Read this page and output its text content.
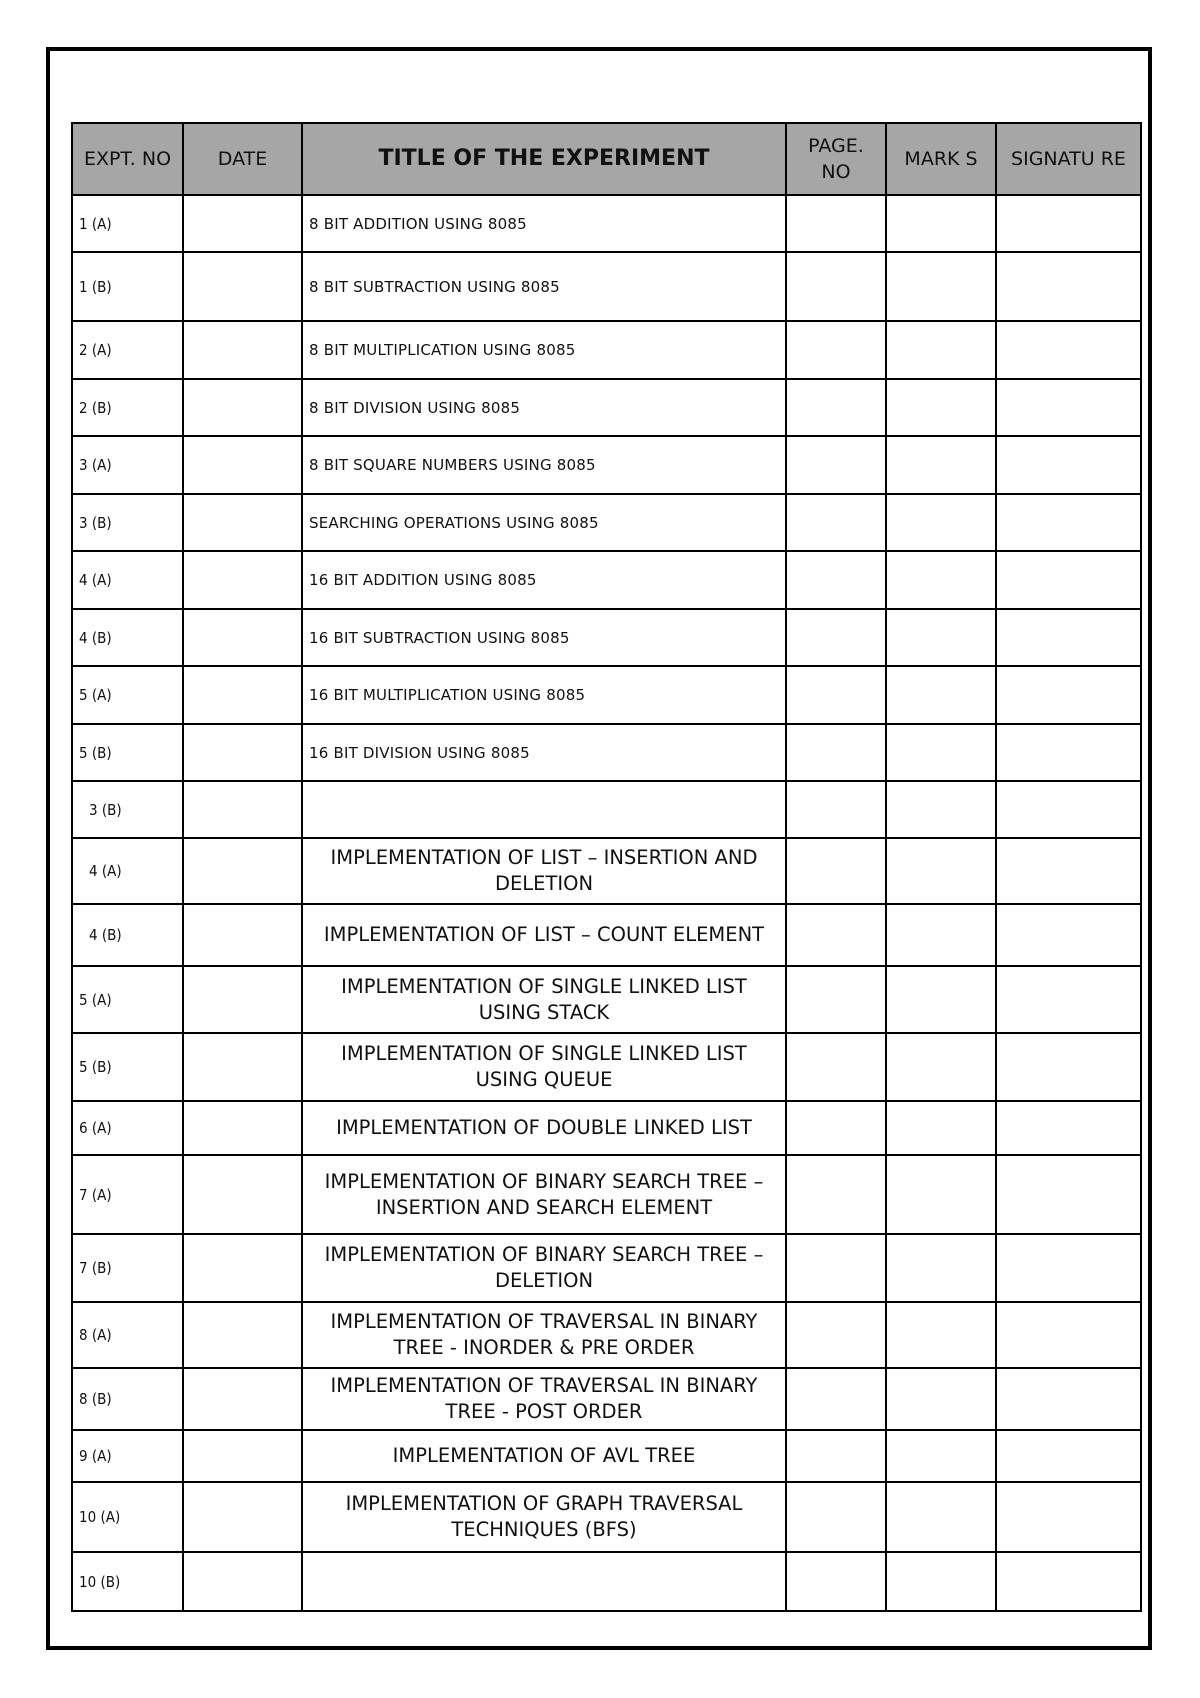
EXPT. NO	DATE	TITLE OF THE EXPERIMENT	PAGE. NO	MARK S	SIGNATU RE
1 (A)		8 BIT ADDITION USING 8085			
1 (B)		8 BIT SUBTRACTION USING 8085			
2 (A)		8 BIT MULTIPLICATION USING 8085			
2 (B)		8 BIT DIVISION USING 8085			
3 (A)		8 BIT SQUARE NUMBERS USING 8085			
3 (B)		SEARCHING OPERATIONS USING 8085			
4 (A)		16 BIT ADDITION USING 8085			
4 (B)		16 BIT SUBTRACTION USING 8085			
5 (A)		16 BIT MULTIPLICATION USING 8085			
5 (B)		16 BIT DIVISION USING 8085			
3 (B)					
4 (A)		IMPLEMENTATION OF LIST – INSERTION AND DELETION			
4 (B)		IMPLEMENTATION OF LIST – COUNT ELEMENT			
5 (A)		IMPLEMENTATION OF SINGLE LINKED LIST USING STACK			
5 (B)		IMPLEMENTATION OF SINGLE LINKED LIST USING QUEUE			
6 (A)		IMPLEMENTATION OF DOUBLE LINKED LIST			
7 (A)		IMPLEMENTATION OF BINARY SEARCH TREE – INSERTION AND SEARCH ELEMENT			
7 (B)		IMPLEMENTATION OF BINARY SEARCH TREE – DELETION			
8 (A)		IMPLEMENTATION OF TRAVERSAL IN BINARY TREE - INORDER & PRE ORDER			
8 (B)		IMPLEMENTATION OF TRAVERSAL IN BINARY TREE - POST ORDER			
9 (A)		IMPLEMENTATION OF AVL TREE			
10 (A)		IMPLEMENTATION OF GRAPH TRAVERSAL TECHNIQUES (BFS)			
10 (B)					
